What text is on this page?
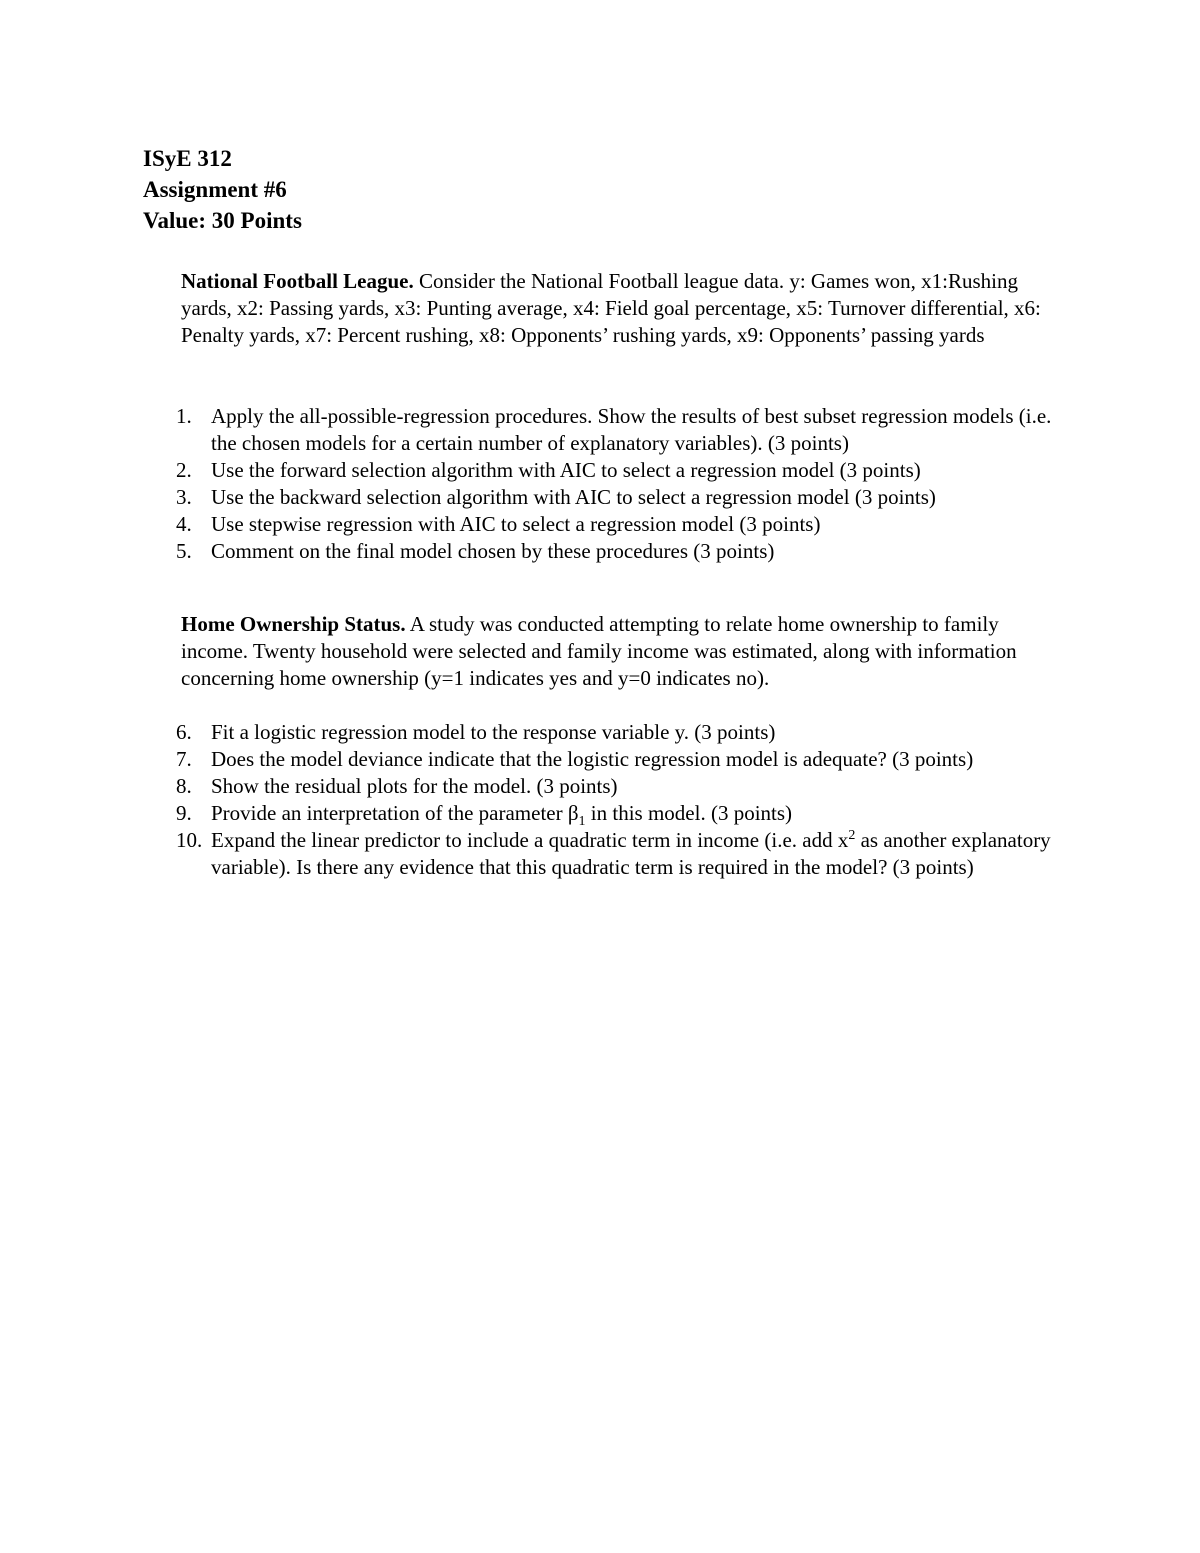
ISyE 312
Assignment #6
Value: 30 Points

National Football League. Consider the National Football league data. y: Games won, x1:Rushing yards, x2: Passing yards, x3: Punting average, x4: Field goal percentage, x5: Turnover differential, x6: Penalty yards, x7: Percent rushing, x8: Opponents’ rushing yards, x9: Opponents’ passing yards

1. Apply the all-possible-regression procedures. Show the results of best subset regression models (i.e. the chosen models for a certain number of explanatory variables). (3 points)
2. Use the forward selection algorithm with AIC to select a regression model (3 points)
3. Use the backward selection algorithm with AIC to select a regression model (3 points)
4. Use stepwise regression with AIC to select a regression model (3 points)
5. Comment on the final model chosen by these procedures (3 points)

Home Ownership Status. A study was conducted attempting to relate home ownership to family income. Twenty household were selected and family income was estimated, along with information concerning home ownership (y=1 indicates yes and y=0 indicates no).

6. Fit a logistic regression model to the response variable y. (3 points)
7. Does the model deviance indicate that the logistic regression model is adequate? (3 points)
8. Show the residual plots for the model. (3 points)
9. Provide an interpretation of the parameter $\beta_1$ in this model. (3 points)
10. Expand the linear predictor to include a quadratic term in income (i.e. add $x^2$ as another explanatory variable). Is there any evidence that this quadratic term is required in the model? (3 points)
